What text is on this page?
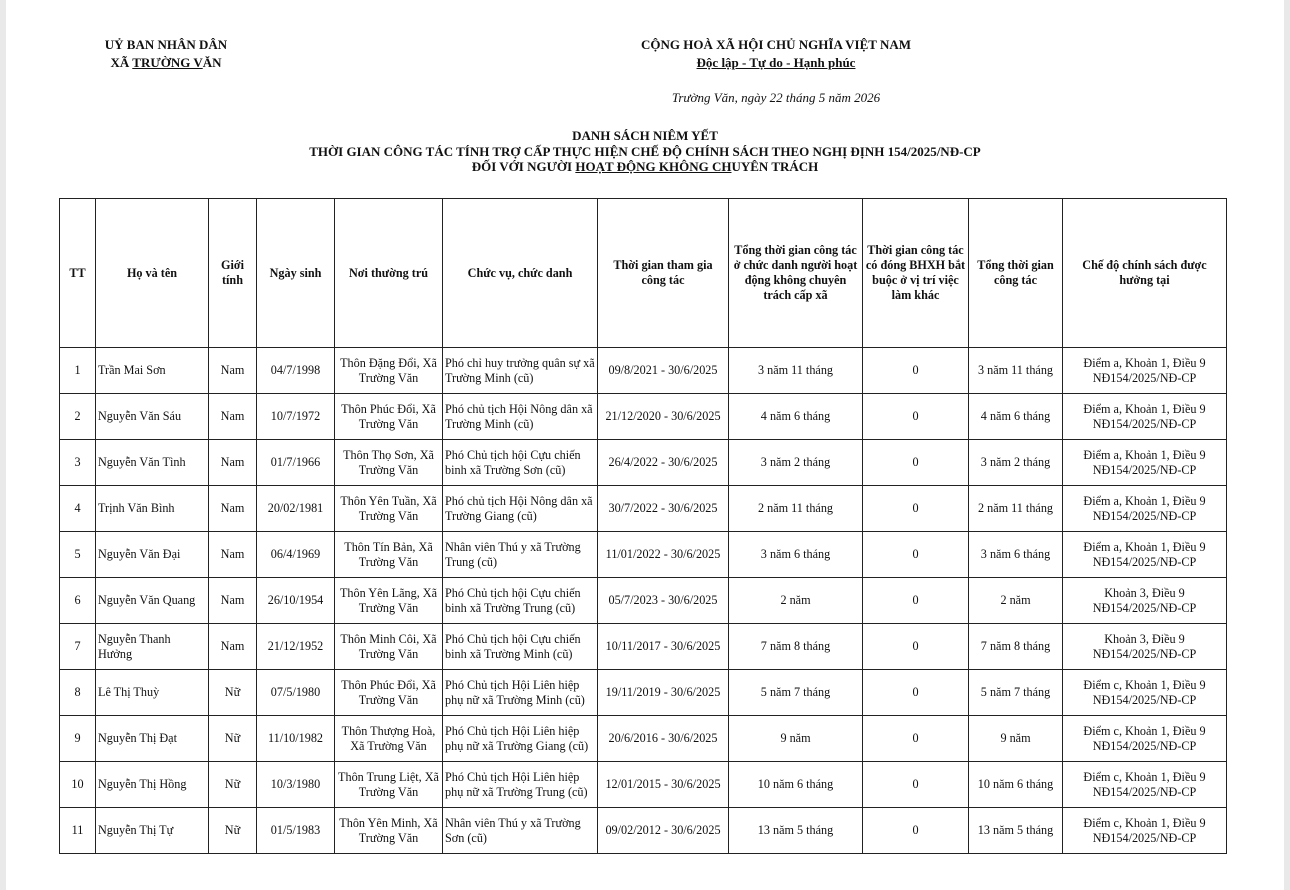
UỶ BAN NHÂN DÂN
XÃ TRƯỜNG VĂN
CỘNG HOÀ XÃ HỘI CHỦ NGHĨA VIỆT NAM
Độc lập - Tự do - Hạnh phúc
Trường Văn, ngày 22 tháng 5 năm 2026
DANH SÁCH NIÊM YẾT
THỜI GIAN CÔNG TÁC TÍNH TRỢ CẤP THỰC HIỆN CHẾ ĐỘ CHÍNH SÁCH THEO NGHỊ ĐỊNH 154/2025/NĐ-CP
ĐỐI VỚI NGƯỜI HOẠT ĐỘNG KHÔNG CHUYÊN TRÁCH
TT	Họ và tên	Giới tính	Ngày sinh	Nơi thường trú	Chức vụ, chức danh	Thời gian tham gia công tác	Tổng thời gian công tác ở chức danh người hoạt động không chuyên trách cấp xã	Thời gian công tác có đóng BHXH bắt buộc ở vị trí việc làm khác	Tổng thời gian công tác	Chế độ chính sách được hưởng tại
1	Trần Mai Sơn	Nam	04/7/1998	Thôn Đặng Đổi, Xã Trường Văn	Phó chỉ huy trưởng quân sự xã Trường Minh (cũ)	09/8/2021 - 30/6/2025	3 năm 11 tháng	0	3 năm 11 tháng	Điểm a, Khoản 1, Điều 9 NĐ154/2025/NĐ-CP
2	Nguyễn Văn Sáu	Nam	10/7/1972	Thôn Phúc Đổi, Xã Trường Văn	Phó chủ tịch Hội Nông dân xã Trường Minh (cũ)	21/12/2020 - 30/6/2025	4 năm 6 tháng	0	4 năm 6 tháng	Điểm a, Khoản 1, Điều 9 NĐ154/2025/NĐ-CP
3	Nguyễn Văn Tình	Nam	01/7/1966	Thôn Thọ Sơn, Xã Trường Văn	Phó Chủ tịch hội Cựu chiến binh xã Trường Sơn (cũ)	26/4/2022 - 30/6/2025	3 năm 2 tháng	0	3 năm 2 tháng	Điểm a, Khoản 1, Điều 9 NĐ154/2025/NĐ-CP
4	Trịnh Văn Bình	Nam	20/02/1981	Thôn Yên Tuần, Xã Trường Văn	Phó chủ tịch Hội Nông dân xã Trường Giang (cũ)	30/7/2022 - 30/6/2025	2 năm 11 tháng	0	2 năm 11 tháng	Điểm a, Khoản 1, Điều 9 NĐ154/2025/NĐ-CP
5	Nguyễn Văn Đại	Nam	06/4/1969	Thôn Tín Bản, Xã Trường Văn	Nhân viên Thú y xã Trường Trung (cũ)	11/01/2022 - 30/6/2025	3 năm 6 tháng	0	3 năm 6 tháng	Điểm a, Khoản 1, Điều 9 NĐ154/2025/NĐ-CP
6	Nguyễn Văn Quang	Nam	26/10/1954	Thôn Yên Lãng, Xã Trường Văn	Phó Chủ tịch hội Cựu chiến binh xã Trường Trung (cũ)	05/7/2023 - 30/6/2025	2 năm	0	2 năm	Khoản 3, Điều 9 NĐ154/2025/NĐ-CP
7	Nguyễn Thanh Hưởng	Nam	21/12/1952	Thôn Minh Côi, Xã Trường Văn	Phó Chủ tịch hội Cựu chiến binh xã Trường Minh (cũ)	10/11/2017 - 30/6/2025	7 năm 8 tháng	0	7 năm 8 tháng	Khoản 3, Điều 9 NĐ154/2025/NĐ-CP
8	Lê Thị Thuỳ	Nữ	07/5/1980	Thôn Phúc Đổi, Xã Trường Văn	Phó Chủ tịch Hội Liên hiệp phụ nữ xã Trường Minh (cũ)	19/11/2019 - 30/6/2025	5 năm 7 tháng	0	5 năm 7 tháng	Điểm c, Khoản 1, Điều 9 NĐ154/2025/NĐ-CP
9	Nguyễn Thị Đạt	Nữ	11/10/1982	Thôn Thượng Hoà, Xã Trường Văn	Phó Chủ tịch Hội Liên hiệp phụ nữ xã Trường Giang (cũ)	20/6/2016 - 30/6/2025	9 năm	0	9 năm	Điểm c, Khoản 1, Điều 9 NĐ154/2025/NĐ-CP
10	Nguyễn Thị Hồng	Nữ	10/3/1980	Thôn Trung Liệt, Xã Trường Văn	Phó Chủ tịch Hội Liên hiệp phụ nữ xã Trường Trung (cũ)	12/01/2015 - 30/6/2025	10 năm 6 tháng	0	10 năm 6 tháng	Điểm c, Khoản 1, Điều 9 NĐ154/2025/NĐ-CP
11	Nguyễn Thị Tự	Nữ	01/5/1983	Thôn Yên Minh, Xã Trường Văn	Nhân viên Thú y xã Trường Sơn (cũ)	09/02/2012 - 30/6/2025	13 năm 5 tháng	0	13 năm 5 tháng	Điểm c, Khoản 1, Điều 9 NĐ154/2025/NĐ-CP
